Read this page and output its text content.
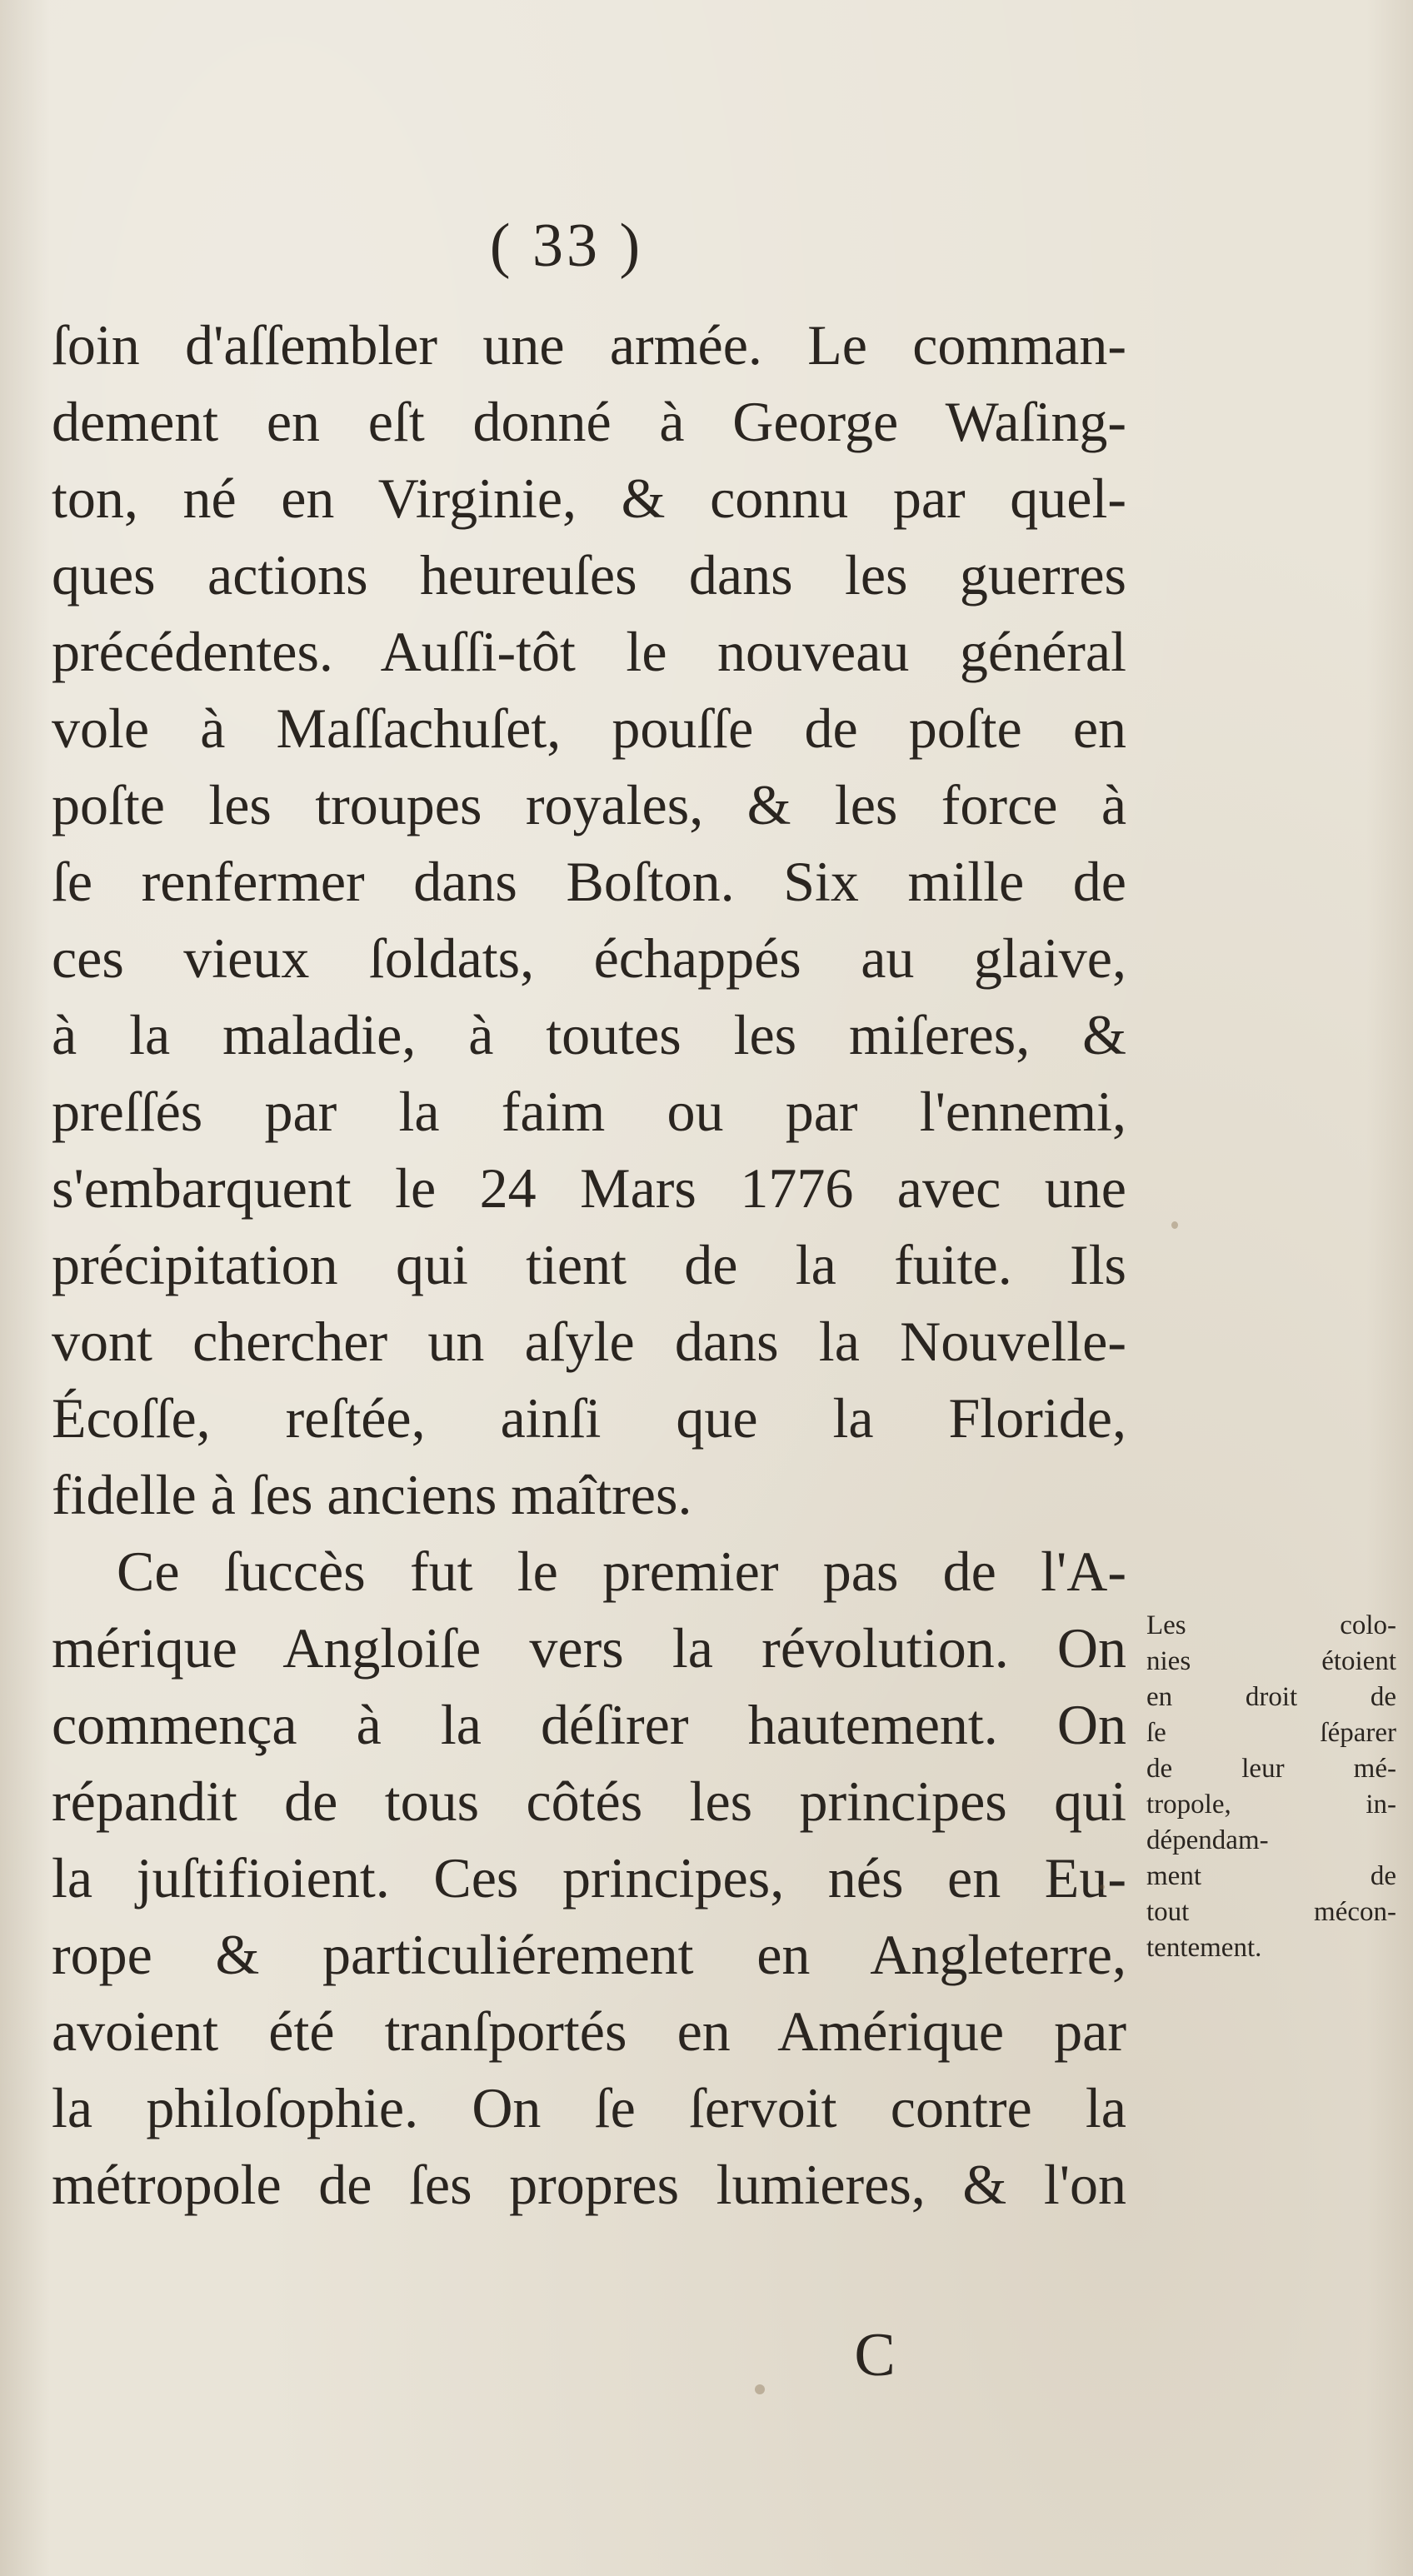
( 33 )
ſoin d'aſſembler une armée. Le comman-
dement en eſt donné à George Waſing-
ton, né en Virginie, & connu par quel-
ques actions heureuſes dans les guerres
précédentes. Auſſi-tôt le nouveau général
vole à Maſſachuſet, pouſſe de poſte en
poſte les troupes royales, & les force à
ſe renfermer dans Boſton. Six mille de
ces vieux ſoldats, échappés au glaive,
à la maladie, à toutes les miſeres, &
preſſés par la faim ou par l'ennemi,
s'embarquent le 24 Mars 1776 avec une
précipitation qui tient de la fuite. Ils
vont chercher un aſyle dans la Nouvelle-
Écoſſe, reſtée, ainſi que la Floride,
fidelle à ſes anciens maîtres.
Ce ſuccès fut le premier pas de l'A-
mérique Angloiſe vers la révolution. On
commença à la déſirer hautement. On
répandit de tous côtés les principes qui
la juſtifioient. Ces principes, nés en Eu-
rope & particuliérement en Angleterre,
avoient été tranſportés en Amérique par
la philoſophie. On ſe ſervoit contre la
métropole de ſes propres lumieres, & l'on
Les colo-
nies étoient
en droit de
ſe ſéparer
de leur mé-
tropole, in-
dépendam-
ment de
tout mécon-
tentement.
C
